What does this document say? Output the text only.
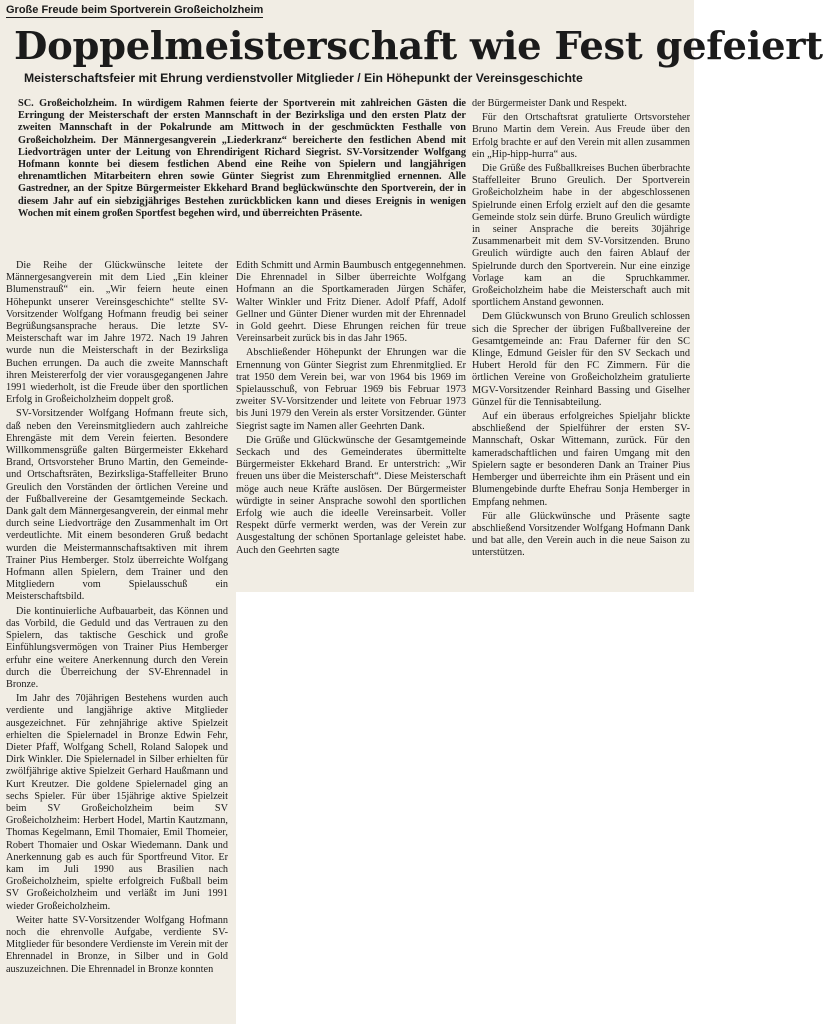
Große Freude beim Sportverein Großeicholzheim
Doppelmeisterschaft wie Fest gefeiert
Meisterschaftsfeier mit Ehrung verdienstvoller Mitglieder / Ein Höhepunkt der Vereinsgeschichte

SC. Großeicholzheim. In würdigem Rahmen feierte der Sportverein mit zahlreichen Gästen die Erringung der Meisterschaft der ersten Mannschaft in der Bezirksliga und den ersten Platz der zweiten Mannschaft in der Pokalrunde am Mittwoch in der geschmückten Festhalle von Großeicholzheim. Der Männergesangverein „Liederkranz“ bereicherte den festlichen Abend mit Liedvorträgen unter der Leitung von Ehrendirigent Richard Siegrist. SV-Vorsitzender Wolfgang Hofmann konnte bei diesem festlichen Abend eine Reihe von Spielern und langjährigen ehrenamtlichen Mitarbeitern ehren sowie Günter Siegrist zum Ehrenmitglied ernennen. Alle Gastredner, an der Spitze Bürgermeister Ekkehard Brand beglückwünschte den Sportverein, der in diesem Jahr auf ein siebzigjähriges Bestehen zurückblicken kann und dieses Ereignis in wenigen Wochen mit einem großen Sportfest begehen wird, und überreichten Präsente.

Die Reihe der Glückwünsche leitete der Männergesangverein mit dem Lied „Ein kleiner Blumenstrauß“ ein. „Wir feiern heute einen Höhepunkt unserer Vereinsgeschichte“ stellte SV-Vorsitzender Wolfgang Hofmann freudig bei seiner Begrüßungsansprache heraus. Die letzte SV-Meisterschaft war im Jahre 1972. Nach 19 Jahren wurde nun die Meisterschaft in der Bezirksliga Buchen errungen. Da auch die zweite Mannschaft ihren Meistererfolg der vier vorausgegangenen Jahre 1991 wiederholt, ist die Freude über den sportlichen Erfolg in Großeicholzheim doppelt groß.

SV-Vorsitzender Wolfgang Hofmann freute sich, daß neben den Vereinsmitgliedern auch zahlreiche Ehrengäste mit dem Verein feierten. Besondere Willkommensgrüße galten Bürgermeister Ekkehard Brand, Ortsvorsteher Bruno Martin, den Gemeinde- und Ortschaftsräten, Bezirksliga-Staffelleiter Bruno Greulich den Vorständen der örtlichen Vereine und der Fußballvereine der Gesamtgemeinde Seckach. Dank galt dem Männergesangverein, der einmal mehr durch seine Liedvorträge den Zusammenhalt im Ort verdeutlichte. Mit einem besonderen Gruß bedacht wurden die Meistermannschaftsaktiven mit ihrem Trainer Pius Hemberger. Stolz überreichte Wolfgang Hofmann allen Spielern, dem Trainer und den Mitgliedern vom Spielausschuß ein Meisterschaftsbild.

Die kontinuierliche Aufbauarbeit, das Können und das Vorbild, die Geduld und das Vertrauen zu den Spielern, das taktische Geschick und große Einfühlungsvermögen von Trainer Pius Hemberger erfuhr eine weitere Anerkennung durch den Verein durch die Überreichung der SV-Ehrennadel in Bronze.

Im Jahr des 70jährigen Bestehens wurden auch verdiente und langjährige aktive Mitglieder ausgezeichnet. Für zehnjährige aktive Spielzeit erhielten die Spielernadel in Bronze Edwin Fehr, Dieter Pfaff, Wolfgang Schell, Roland Salopek und Dirk Winkler. Die Spielernadel in Silber erhielten für zwölfjährige aktive Spielzeit Gerhard Haußmann und Kurt Kreutzer. Die goldene Spielernadel ging an sechs Spieler. Für über 15jährige aktive Spielzeit beim SV Großeicholzheim beim SV Großeicholzheim: Herbert Hodel, Martin Kautzmann, Thomas Kegelmann, Emil Thomaier, Emil Thomeier, Robert Thomaier und Oskar Wiedemann. Dank und Anerkennung gab es auch für Sportfreund Vitor. Er kam im Juli 1990 aus Brasilien nach Großeicholzheim, spielte erfolgreich Fußball beim SV Großeicholzheim und verläßt im Juni 1991 wieder Großeicholzheim.

Weiter hatte SV-Vorsitzender Wolfgang Hofmann noch die ehrenvolle Aufgabe, verdiente SV-Mitglieder für besondere Verdienste im Verein mit der Ehrennadel in Bronze, in Silber und in Gold auszuzeichnen. Die Ehrennadel in Bronze konnten

Edith Schmitt und Armin Baumbusch entgegennehmen. Die Ehrennadel in Silber überreichte Wolfgang Hofmann an die Sportkameraden Jürgen Schäfer, Walter Winkler und Fritz Diener. Adolf Pfaff, Adolf Gellner und Günter Diener wurden mit der Ehrennadel in Gold geehrt. Diese Ehrungen reichen für treue Vereinsarbeit zurück bis in das Jahr 1965.

Abschließender Höhepunkt der Ehrungen war die Ernennung von Günter Siegrist zum Ehrenmitglied. Er trat 1950 dem Verein bei, war von 1964 bis 1969 im Spielausschuß, von Februar 1969 bis Februar 1973 zweiter SV-Vorsitzender und leitete von Februar 1973 bis Juni 1979 den Verein als erster Vorsitzender. Günter Siegrist sagte im Namen aller Geehrten Dank.

Die Grüße und Glückwünsche der Gesamtgemeinde Seckach und des Gemeinderates übermittelte Bürgermeister Ekkehard Brand. Er unterstrich: „Wir freuen uns über die Meisterschaft“. Diese Meisterschaft möge auch neue Kräfte auslösen. Der Bürgermeister würdigte in seiner Ansprache sowohl den sportlichen Erfolg wie auch die ideelle Vereinsarbeit. Voller Respekt dürfe vermerkt werden, was der Verein zur Ausgestaltung der schönen Sportanlage geleistet habe. Auch den Geehrten sagte

der Bürgermeister Dank und Respekt.

Für den Ortschaftsrat gratulierte Ortsvorsteher Bruno Martin dem Verein. Aus Freude über den Erfolg brachte er auf den Verein mit allen zusammen ein „Hip-hipp-hurra“ aus.

Die Grüße des Fußballkreises Buchen überbrachte Staffelleiter Bruno Greulich. Der Sportverein Großeicholzheim habe in der abgeschlossenen Spielrunde einen Erfolg erzielt auf den die gesamte Gemeinde stolz sein dürfe. Bruno Greulich würdigte in seiner Ansprache die bereits 30jährige Zusammenarbeit mit dem SV-Vorsitzenden. Bruno Greulich würdigte auch den fairen Ablauf der Spielrunde durch den Sportverein. Nur eine einzige Vorlage kam an die Spruchkammer. Großeicholzheim habe die Meisterschaft auch mit sportlichem Anstand gewonnen.

Dem Glückwunsch von Bruno Greulich schlossen sich die Sprecher der übrigen Fußballvereine der Gesamtgemeinde an: Frau Daferner für den SC Klinge, Edmund Geisler für den SV Seckach und Hubert Herold für den FC Zimmern. Für die örtlichen Vereine von Großeicholzheim gratulierte MGV-Vorsitzender Reinhard Bassing und Giselher Günzel für die Tennisabteilung.

Auf ein überaus erfolgreiches Spieljahr blickte abschließend der Spielführer der ersten SV-Mannschaft, Oskar Wittemann, zurück. Für den kameradschaftlichen und fairen Umgang mit den Spielern sagte er besonderen Dank an Trainer Pius Hemberger und überreichte ihm ein Präsent und ein Blumengebinde durfte Ehefrau Sonja Hemberger in Empfang nehmen.

Für alle Glückwünsche und Präsente sagte abschließend Vorsitzender Wolfgang Hofmann Dank und bat alle, den Verein auch in die neue Saison zu unterstützen.
